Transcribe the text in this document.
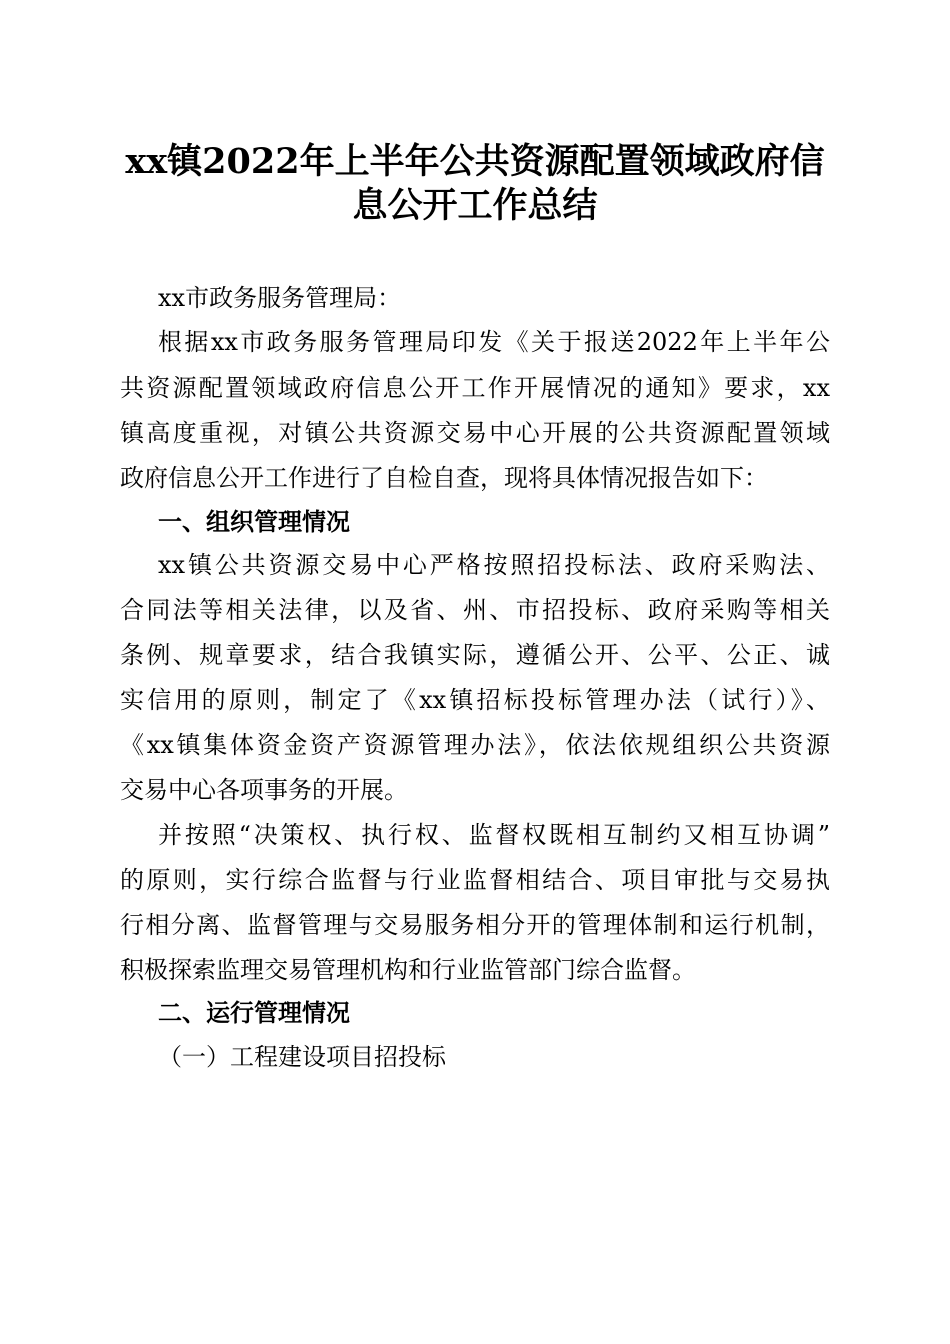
xx镇2022年上半年公共资源配置领域政府信
息公开工作总结

xx市政务服务管理局：

根据xx市政务服务管理局印发《关于报送2022年上半年公

共资源配置领域政府信息公开工作开展情况的通知》要求，xx

镇高度重视，对镇公共资源交易中心开展的公共资源配置领域

政府信息公开工作进行了自检自查，现将具体情况报告如下：

一、组织管理情况

xx镇公共资源交易中心严格按照招投标法、政府采购法、

合同法等相关法律，以及省、州、市招投标、政府采购等相关

条例、规章要求，结合我镇实际，遵循公开、公平、公正、诚

实信用的原则，制定了《xx镇招标投标管理办法（试行）》、

《xx镇集体资金资产资源管理办法》，依法依规组织公共资源

交易中心各项事务的开展。

并按照“决策权、执行权、监督权既相互制约又相互协调”

的原则，实行综合监督与行业监督相结合、项目审批与交易执

行相分离、监督管理与交易服务相分开的管理体制和运行机制，

积极探索监理交易管理机构和行业监管部门综合监督。

二、运行管理情况

（一）工程建设项目招投标
